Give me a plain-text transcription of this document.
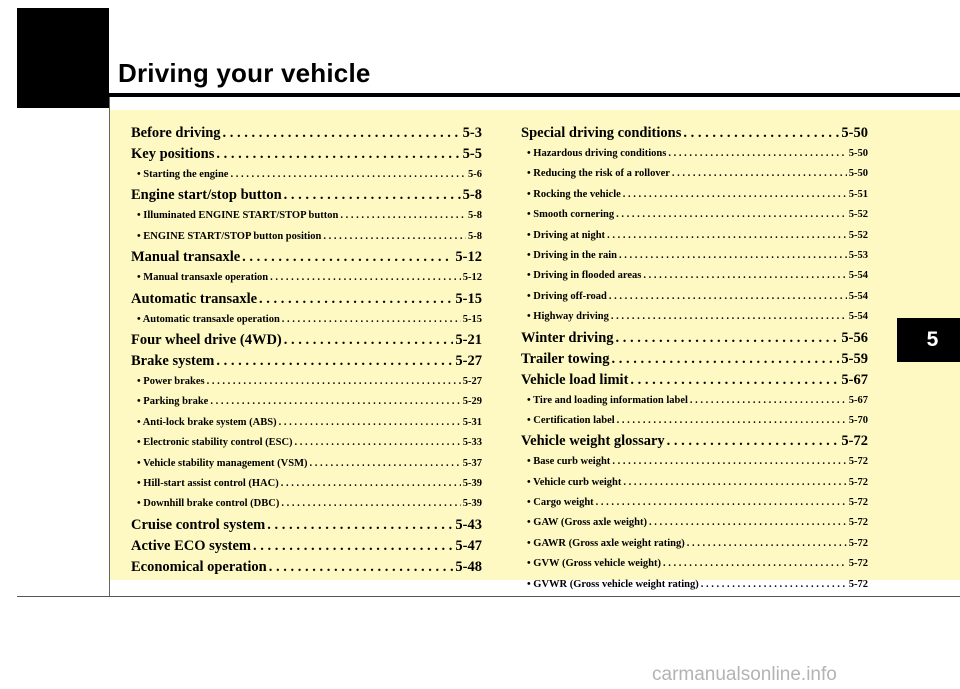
Driving your vehicle
Before driving . . .	5-3
Key positions . . .	5-5
• Starting the engine . . .	5-6
Engine start/stop button . . .	5-8
• Illuminated ENGINE START/STOP button . . .	5-8
• ENGINE START/STOP button position . . .	5-8
Manual transaxle . . .	5-12
• Manual transaxle operation . . .	5-12
Automatic transaxle . . .	5-15
• Automatic transaxle operation . . .	5-15
Four wheel drive (4WD) . . .	5-21
Brake system . . .	5-27
• Power brakes . . .	5-27
• Parking brake . . .	5-29
• Anti-lock brake system (ABS) . . .	5-31
• Electronic stability control (ESC) . . .	5-33
• Vehicle stability management (VSM) . . .	5-37
• Hill-start assist control (HAC) . . .	5-39
• Downhill brake control (DBC) . . .	5-39
Cruise control system . . .	5-43
Active ECO system . . .	5-47
Economical operation . . .	5-48
Special driving conditions . . .	5-50
• Hazardous driving conditions . . .	5-50
• Reducing the risk of a rollover . . .	5-50
• Rocking the vehicle . . .	5-51
• Smooth cornering . . .	5-52
• Driving at night . . .	5-52
• Driving in the rain . . .	5-53
• Driving in flooded areas . . .	5-54
• Driving off-road . . .	5-54
• Highway driving . . .	5-54
Winter driving . . .	5-56
Trailer towing . . .	5-59
Vehicle load limit . . .	5-67
• Tire and loading information label . . .	5-67
• Certification label . . .	5-70
Vehicle weight glossary . . .	5-72
• Base curb weight . . .	5-72
• Vehicle curb weight . . .	5-72
• Cargo weight . . .	5-72
• GAW (Gross axle weight) . . .	5-72
• GAWR (Gross axle weight rating) . . .	5-72
• GVW (Gross vehicle weight) . . .	5-72
• GVWR (Gross vehicle weight rating) . . .	5-72
5
carmanualsonline.info
